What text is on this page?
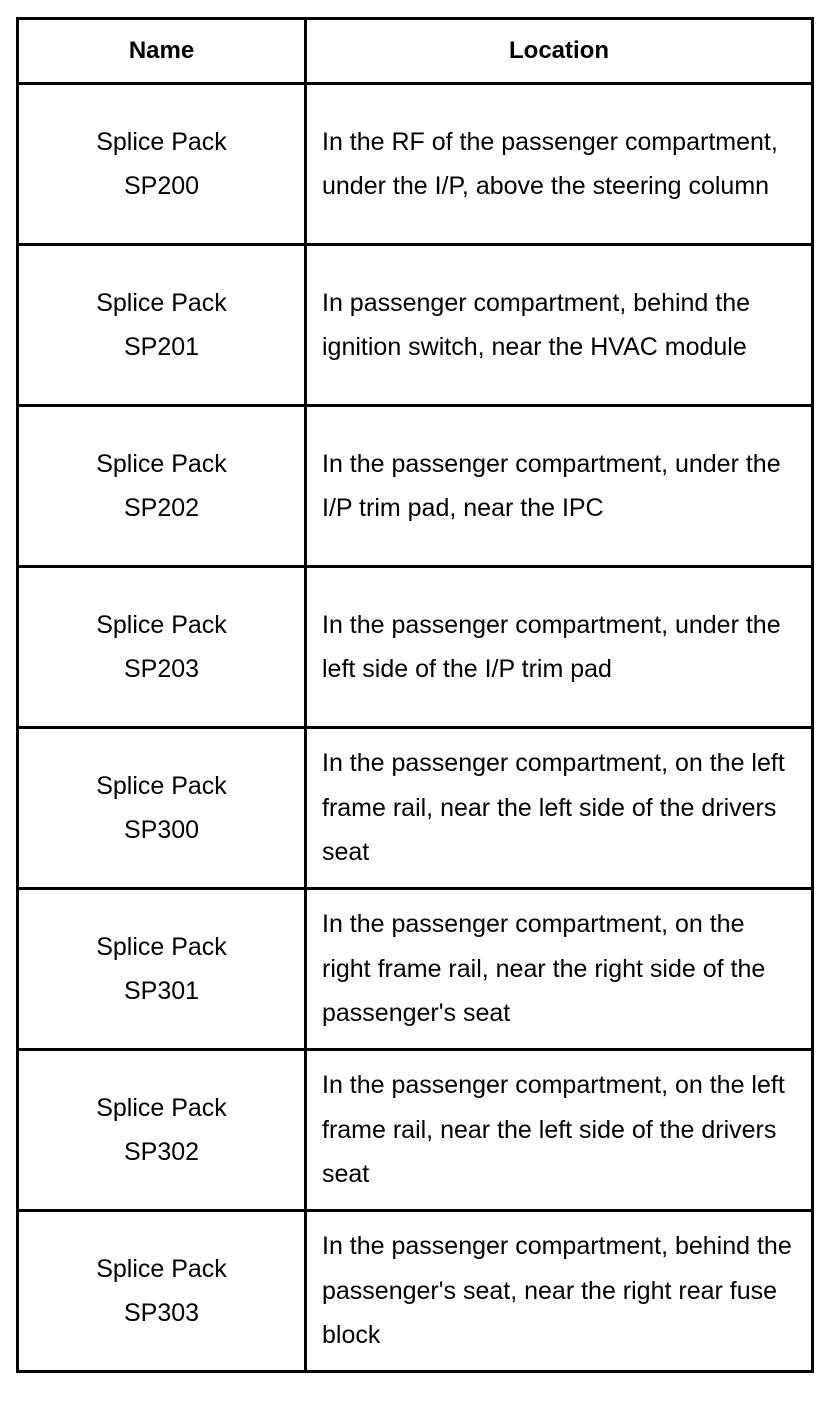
Name	Location

Splice Pack
SP200	In the RF of the passenger compartment, under the I/P, above the steering column

Splice Pack
SP201	In passenger compartment, behind the ignition switch, near the HVAC module

Splice Pack
SP202	In the passenger compartment, under the I/P trim pad, near the IPC

Splice Pack
SP203	In the passenger compartment, under the left side of the I/P trim pad

Splice Pack
SP300	In the passenger compartment, on the left frame rail, near the left side of the drivers seat

Splice Pack
SP301	In the passenger compartment, on the right frame rail, near the right side of the passenger's seat

Splice Pack
SP302	In the passenger compartment, on the left frame rail, near the left side of the drivers seat

Splice Pack
SP303	In the passenger compartment, behind the passenger's seat, near the right rear fuse block
